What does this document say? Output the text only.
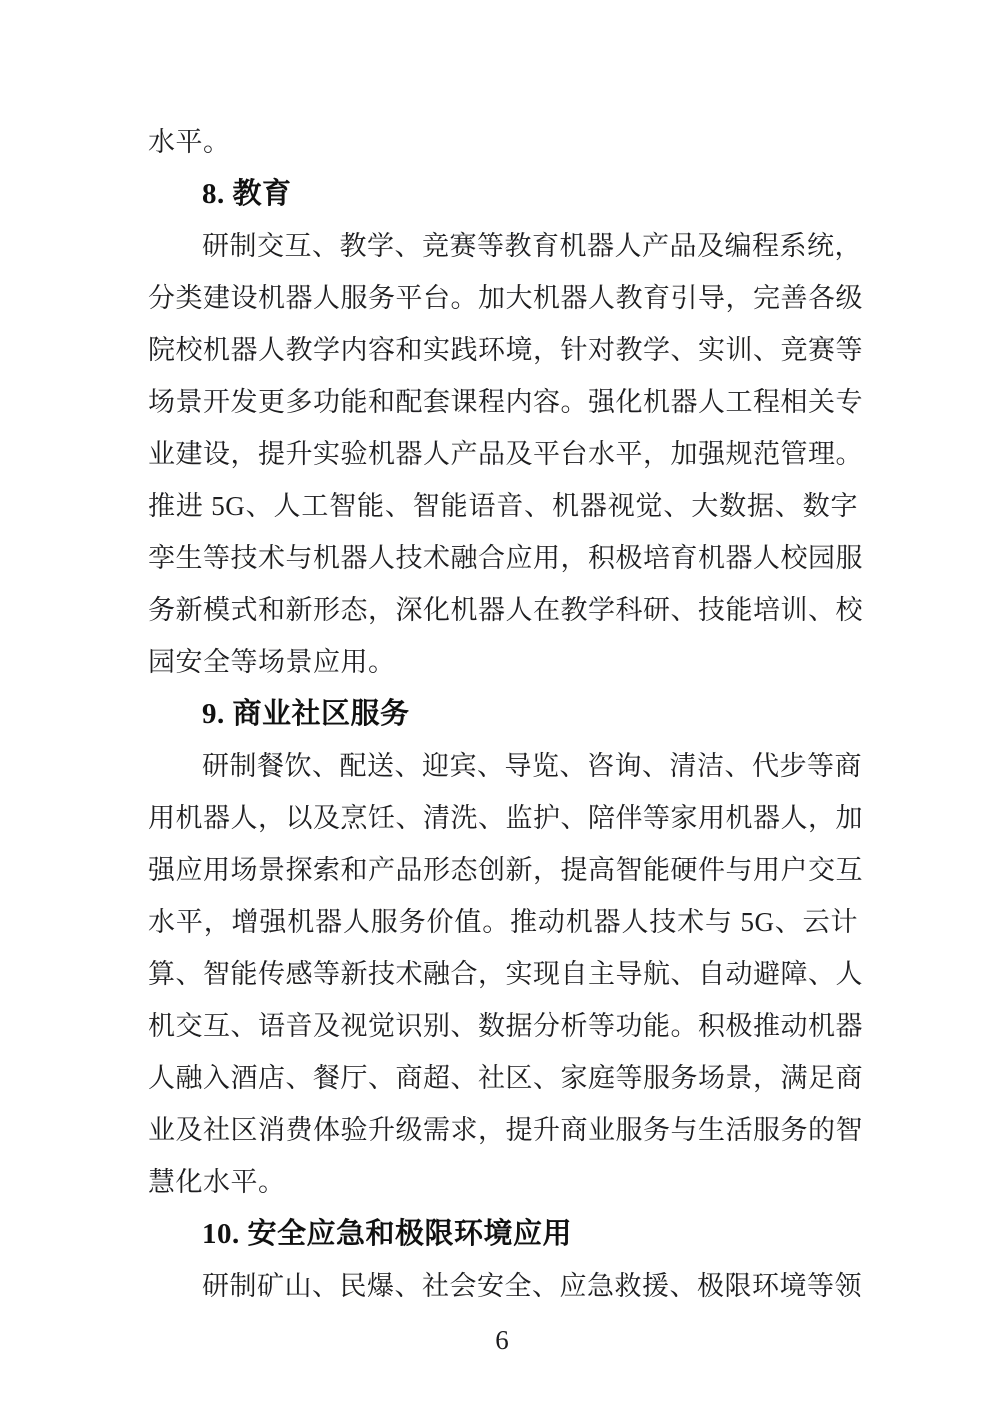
水平。
8. 教育
研制交互、教学、竞赛等教育机器人产品及编程系统，
分类建设机器人服务平台。加大机器人教育引导，完善各级
院校机器人教学内容和实践环境，针对教学、实训、竞赛等
场景开发更多功能和配套课程内容。强化机器人工程相关专
业建设，提升实验机器人产品及平台水平，加强规范管理。
推进 5G、人工智能、智能语音、机器视觉、大数据、数字
孪生等技术与机器人技术融合应用，积极培育机器人校园服
务新模式和新形态，深化机器人在教学科研、技能培训、校
园安全等场景应用。
9. 商业社区服务
研制餐饮、配送、迎宾、导览、咨询、清洁、代步等商
用机器人，以及烹饪、清洗、监护、陪伴等家用机器人，加
强应用场景探索和产品形态创新，提高智能硬件与用户交互
水平，增强机器人服务价值。推动机器人技术与 5G、云计
算、智能传感等新技术融合，实现自主导航、自动避障、人
机交互、语音及视觉识别、数据分析等功能。积极推动机器
人融入酒店、餐厅、商超、社区、家庭等服务场景，满足商
业及社区消费体验升级需求，提升商业服务与生活服务的智
慧化水平。
10. 安全应急和极限环境应用
研制矿山、民爆、社会安全、应急救援、极限环境等领
6
